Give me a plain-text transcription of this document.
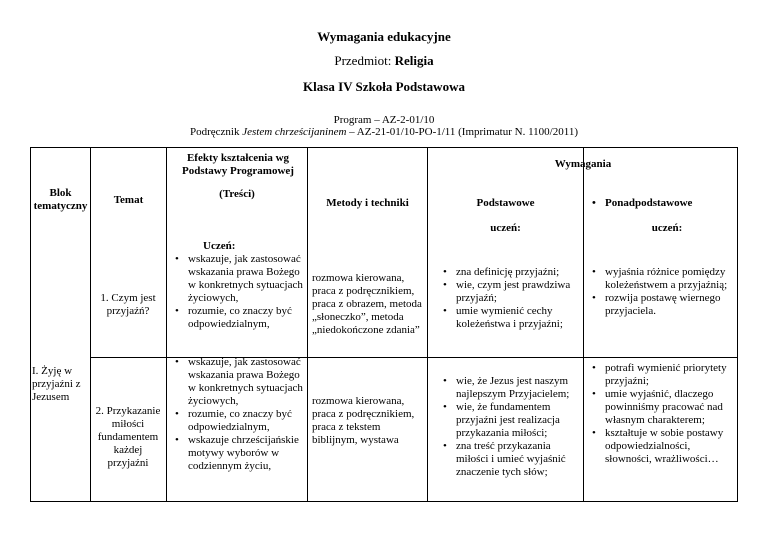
Wymagania edukacyjne
Przedmiot: Religia
Klasa IV Szkoła Podstawowa
Program – AZ-2-01/10
Podręcznik Jestem chrześcijaninem – AZ-21-01/10-PO-1/11 (Imprimatur N. 1100/2011)
Blok tematyczny	Temat
Efekty kształcenia wg Podstawy Programowej
(Treści)
Metody i techniki
Wymagania
Podstawowe
•	Ponadpodstawowe
uczeń:	uczeń:
Uczeń:
I. Żyję w przyjaźni z Jezusem
1. Czym jest przyjaźń?
• wskazuje, jak zastosować wskazania prawa Bożego w konkretnych sytuacjach życiowych,
• rozumie, co znaczy być odpowiedzialnym,
rozmowa kierowana, praca z podręcznikiem, praca z obrazem, metoda „słoneczko”, metoda „niedokończone zdania”
• zna definicję przyjaźni;
• wie, czym jest prawdziwa przyjaźń;
• umie wymienić cechy koleżeństwa i przyjaźni;
• wyjaśnia różnice pomiędzy koleżeństwem a przyjaźnią;
• rozwija postawę wiernego przyjaciela.
2. Przykazanie miłości fundamentem każdej przyjaźni
• wskazuje, jak zastosować wskazania prawa Bożego w konkretnych sytuacjach życiowych,
• rozumie, co znaczy być odpowiedzialnym,
• wskazuje chrześcijańskie motywy wyborów w codziennym życiu,
rozmowa kierowana, praca z podręcznikiem, praca z tekstem biblijnym, wystawa
• wie, że Jezus jest naszym najlepszym Przyjacielem;
• wie, że fundamentem przyjaźni jest realizacja przykazania miłości;
• zna treść przykazania miłości i umieć wyjaśnić znaczenie tych słów;
• potrafi wymienić priorytety przyjaźni;
• umie wyjaśnić, dlaczego powinniśmy pracować nad własnym charakterem;
• kształtuje w sobie postawy odpowiedzialności, słowności, wrażliwości…
